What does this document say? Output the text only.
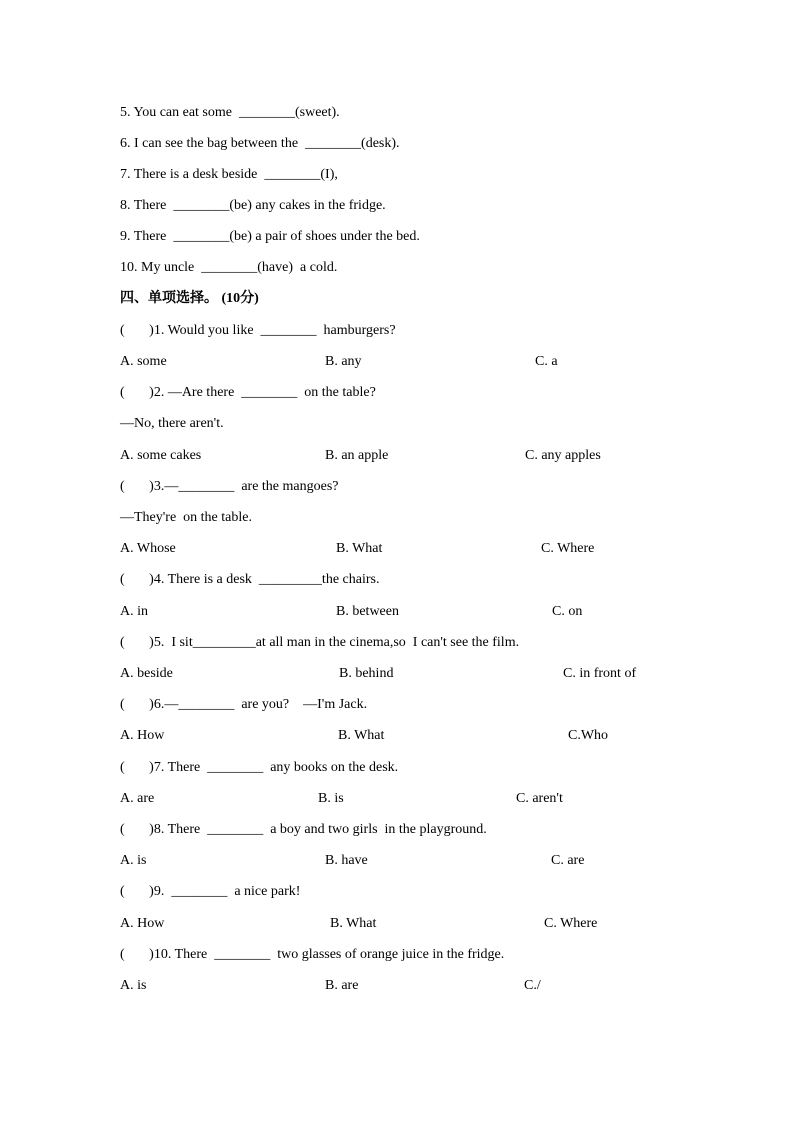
5. You can eat some  ________(sweet).
6. I can see the bag between the  ________(desk).
7. There is a desk beside  ________(I),
8. There  ________(be) any cakes in the fridge.
9. There  ________(be) a pair of shoes under the bed.
10. My uncle  ________(have)  a cold.
四、单项选择。 (10分)
(       )1. Would you like  ________  hamburgers?
A. some	B. any	C. a
(       )2. —Are there  ________  on the table?
—No, there aren't.
A. some cakes	B. an apple	C. any apples
(       )3.—________  are the mangoes?
—They're  on the table.
A. Whose	B. What	C. Where
(       )4. There is a desk  _________the chairs.
A. in	B. between	C. on
(       )5.  I sit_________at all man in the cinema,so  I can't see the film.
A. beside	B. behind	C. in front of
(       )6.—________  are you?    —I'm Jack.
A. How	B. What	C.Who
(       )7. There  ________  any books on the desk.
A. are	B. is	C. aren't
(       )8. There  ________  a boy and two girls  in the playground.
A. is	B. have	C. are
(       )9.  ________  a nice park!
A. How	B. What	C. Where
(       )10. There  ________  two glasses of orange juice in the fridge.
A. is	B. are	C./
